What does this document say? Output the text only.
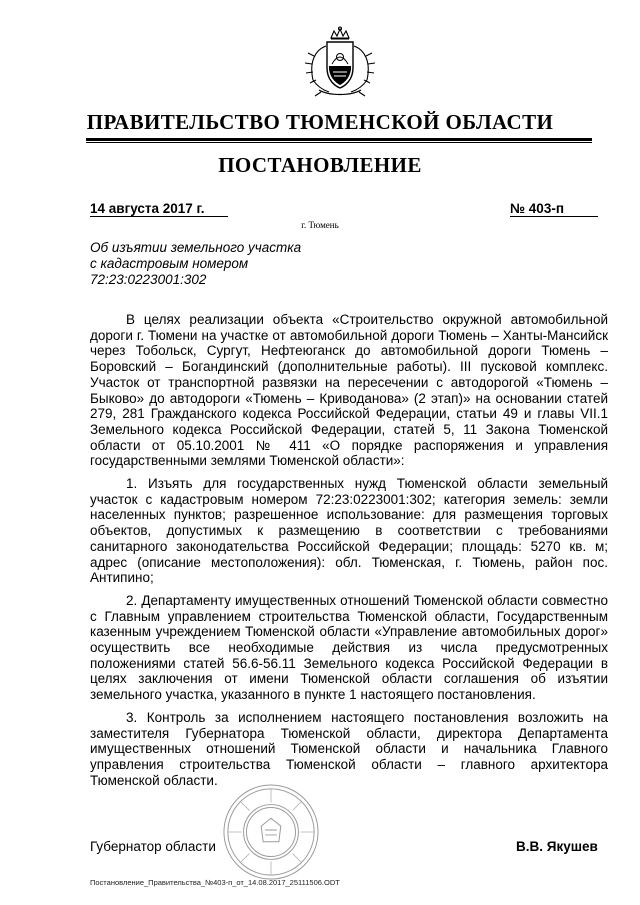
ПРАВИТЕЛЬСТВО ТЮМЕНСКОЙ ОБЛАСТИ
ПОСТАНОВЛЕНИЕ
14 августа 2017 г.	№ 403-п
г. Тюмень
Об изъятии земельного участка
с кадастровым номером
72:23:0223001:302

В целях реализации объекта «Строительство окружной автомобильной дороги г. Тюмени на участке от автомобильной дороги Тюмень – Ханты-Мансийск через Тобольск, Сургут, Нефтеюганск до автомобильной дороги Тюмень – Боровский – Богандинский (дополнительные работы). III пусковой комплекс. Участок от транспортной развязки на пересечении с автодорогой «Тюмень – Быково» до автодороги «Тюмень – Криводанова» (2 этап)» на основании статей 279, 281 Гражданского кодекса Российской Федерации, статьи 49 и главы VII.1 Земельного кодекса Российской Федерации, статей 5, 11 Закона Тюменской области от 05.10.2001 № 411 «О порядке распоряжения и управления государственными землями Тюменской области»:

1. Изъять для государственных нужд Тюменской области земельный участок с кадастровым номером 72:23:0223001:302; категория земель: земли населенных пунктов; разрешенное использование: для размещения торговых объектов, допустимых к размещению в соответствии с требованиями санитарного законодательства Российской Федерации; площадь: 5270 кв. м; адрес (описание местоположения): обл. Тюменская, г. Тюмень, район пос. Антипино;

2. Департаменту имущественных отношений Тюменской области совместно с Главным управлением строительства Тюменской области, Государственным казенным учреждением Тюменской области «Управление автомобильных дорог» осуществить все необходимые действия из числа предусмотренных положениями статей 56.6-56.11 Земельного кодекса Российской Федерации в целях заключения от имени Тюменской области соглашения об изъятии земельного участка, указанного в пункте 1 настоящего постановления.

3. Контроль за исполнением настоящего постановления возложить на заместителя Губернатора Тюменской области, директора Департамента имущественных отношений Тюменской области и начальника Главного управления строительства Тюменской области – главного архитектора Тюменской области.

Губернатор области	В.В. Якушев
Постановление_Правительства_№403-п_от_14.08.2017_25111506.ODT
